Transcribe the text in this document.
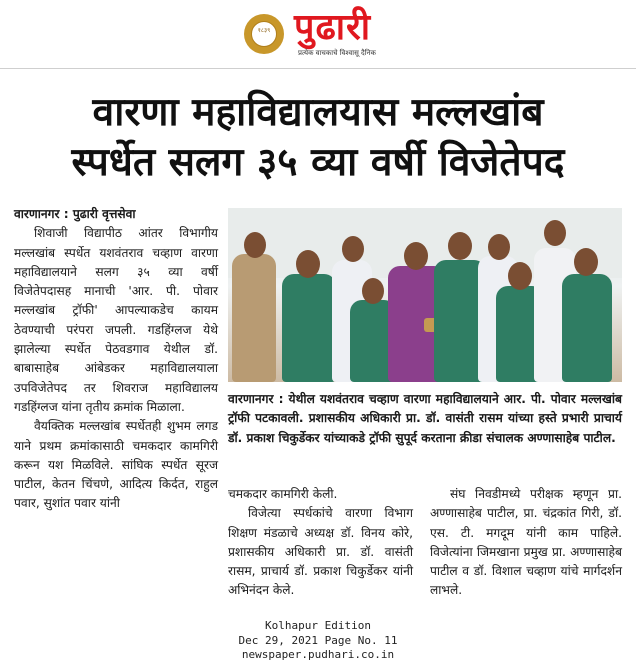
१८३९ पुढारी
प्रत्येक वाचकाचे विश्वासू दैनिक
वारणा महाविद्यालयास मल्लखांब
स्पर्धेत सलग ३५ व्या वर्षी विजेतेपद

वारणानगर : पुढारी वृत्तसेवा

शिवाजी विद्यापीठ आंतर विभागीय मल्लखांब स्पर्धेत यशवंतराव चव्हाण वारणा महाविद्यालयाने सलग ३५ व्या वर्षी विजेतेपदासह मानाची 'आर. पी. पोवार मल्लखांब ट्रॉफी' आपल्याकडेच कायम ठेवण्याची परंपरा जपली. गडहिंग्लज येथे झालेल्या स्पर्धेत पेठवडगाव येथील डॉ. बाबासाहेब आंबेडकर महाविद्यालयाला उपविजेतेपद तर शिवराज महाविद्यालय गडहिंग्लज यांना तृतीय क्रमांक मिळाला.

वैयक्तिक मल्लखांब स्पर्धेतही शुभम लगड याने प्रथम क्रमांकासाठी चमकदार कामगिरी करून यश मिळविले. सांघिक स्पर्धेत सूरज पाटील, केतन चिंचणे, आदित्य किर्दत, राहुल पवार, सुशांत पवार यांनी

वारणानगर : येथील यशवंतराव चव्हाण वारणा महाविद्यालयाने आर. पी. पोवार मल्लखांब ट्रॉफी पटकावली. प्रशासकीय अधिकारी प्रा. डॉ. वासंती रासम यांच्या हस्ते प्रभारी प्राचार्य डॉ. प्रकाश चिकुर्डेकर यांच्याकडे ट्रॉफी सुपूर्द करताना क्रीडा संचालक अण्णासाहेब पाटील.

चमकदार कामगिरी केली.

विजेत्या स्पर्धकांचे वारणा विभाग शिक्षण मंडळाचे अध्यक्ष डॉ. विनय कोरे, प्रशासकीय अधिकारी प्रा. डॉ. वासंती रासम, प्राचार्य डॉ. प्रकाश चिकुर्डेकर यांनी अभिनंदन केले.

संघ निवडीमध्ये परीक्षक म्हणून प्रा. अण्णासाहेब पाटील, प्रा. चंद्रकांत गिरी, डॉ. एस. टी. मगदूम यांनी काम पाहिले. विजेत्यांना जिमखाना प्रमुख प्रा. अण्णासाहेब पाटील व डॉ. विशाल चव्हाण यांचे मार्गदर्शन लाभले.

Kolhapur Edition
Dec 29, 2021 Page No. 11
newspaper.pudhari.co.in
